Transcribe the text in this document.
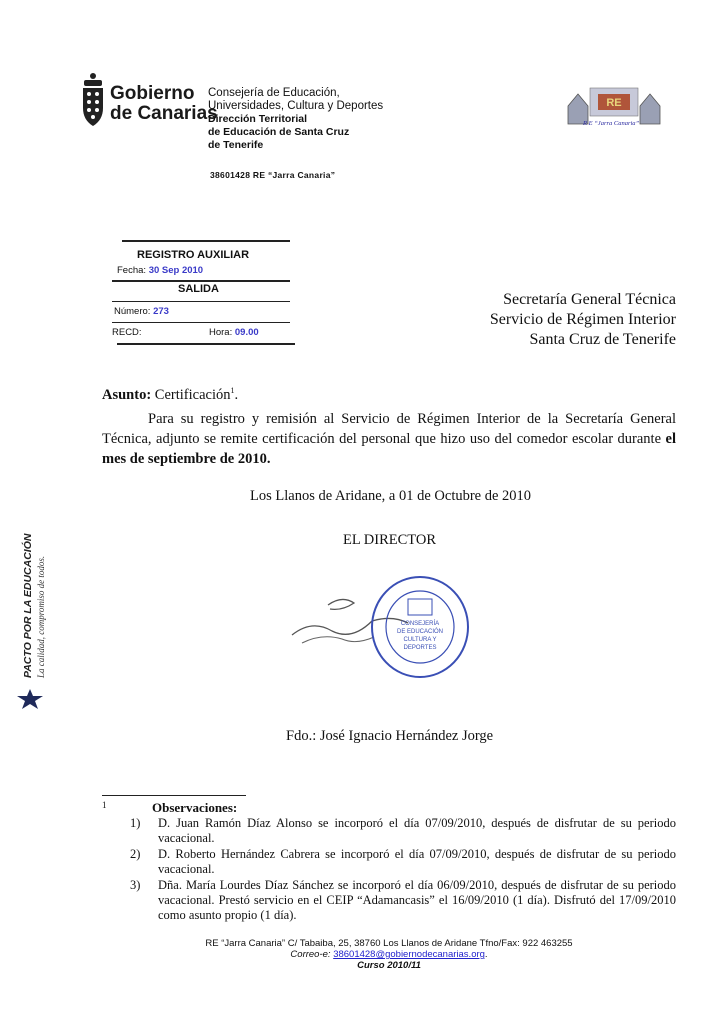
Gobierno
de Canarias
Consejería de Educación,
Universidades, Cultura y Deportes
Dirección Territorial
de Educación de Santa Cruz
de Tenerife
38601428 RE “Jarra Canaria”
RE
R E “Jarra Canaria”
REGISTRO AUXILIAR
Fecha: 30 Sep 2010
SALIDA
Número: 273
RECD:	Hora: 09.00
Secretaría General Técnica
Servicio de Régimen Interior
Santa Cruz de Tenerife
Asunto: Certificación$^1$.
Para su registro y remisión al Servicio de Régimen Interior de la Secretaría General Técnica, adjunto se remite certificación del personal que hizo uso del comedor escolar durante el mes de septiembre de 2010.
Los Llanos de Aridane, a 01 de Octubre de 2010
EL DIRECTOR
CONSEJERÍA
DE EDUCACIÓN
CULTURA Y
DEPORTES
Fdo.: José Ignacio Hernández Jorge
PACTO POR LA EDUCACIÓN La calidad, compromiso de todos.
1	Observaciones:
1)	D. Juan Ramón Díaz Alonso se incorporó el día 07/09/2010, después de disfrutar de su periodo vacacional.
2)	D. Roberto Hernández Cabrera se incorporó el día 07/09/2010, después de disfrutar de su periodo vacacional.
3)	Dña. María Lourdes Díaz Sánchez se incorporó el día 06/09/2010, después de disfrutar de su periodo vacacional. Prestó servicio en el CEIP “Adamancasis” el 16/09/2010 (1 día). Disfrutó del 17/09/2010 como asunto propio (1 día).
RE “Jarra Canaria” C/ Tabaiba, 25, 38760 Los Llanos de Aridane Tfno/Fax: 922 463255
Correo-e: 38601428@gobiernodecanarias.org.
Curso 2010/11
